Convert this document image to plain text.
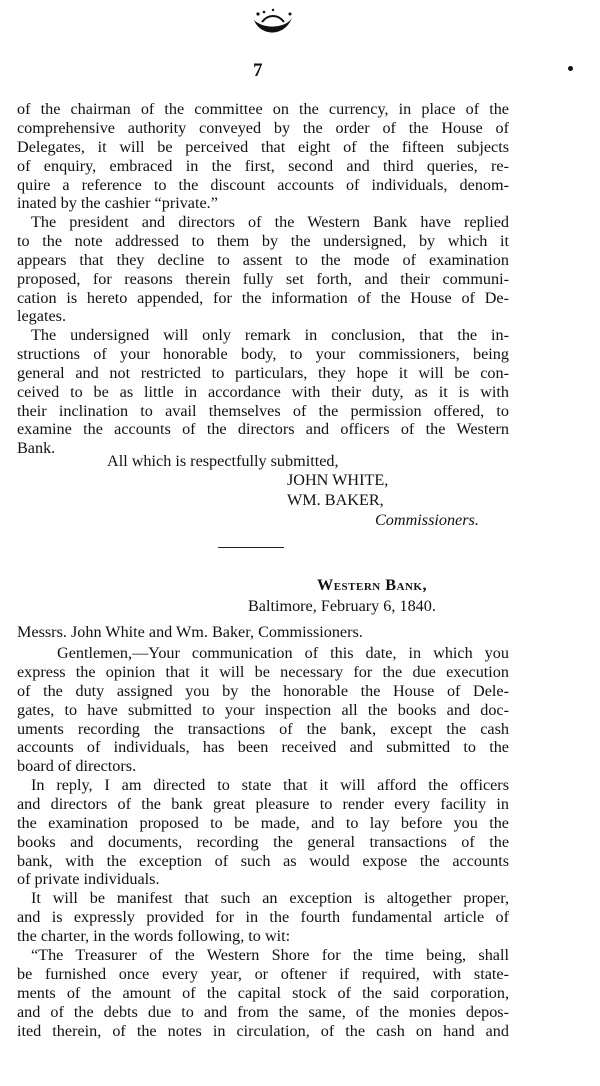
7
of the chairman of the committee on the currency, in place of the
comprehensive authority conveyed by the order of the House of
Delegates, it will be perceived that eight of the fifteen subjects
of enquiry, embraced in the first, second and third queries, re-
quire a reference to the discount accounts of individuals, denom-
inated by the cashier “private.”
The president and directors of the Western Bank have replied
to the note addressed to them by the undersigned, by which it
appears that they decline to assent to the mode of examination
proposed, for reasons therein fully set forth, and their communi-
cation is hereto appended, for the information of the House of De-
legates.
The undersigned will only remark in conclusion, that the in-
structions of your honorable body, to your commissioners, being
general and not restricted to particulars, they hope it will be con-
ceived to be as little in accordance with their duty, as it is with
their inclination to avail themselves of the permission offered, to
examine the accounts of the directors and officers of the Western
Bank.
All which is respectfully submitted,
JOHN WHITE,
WM. BAKER,
Commissioners.
Western Bank,
Baltimore, February 6, 1840.
Messrs. John White and Wm. Baker, Commissioners.
Gentlemen,—Your communication of this date, in which you
express the opinion that it will be necessary for the due execution
of the duty assigned you by the honorable the House of Dele-
gates, to have submitted to your inspection all the books and doc-
uments recording the transactions of the bank, except the cash
accounts of individuals, has been received and submitted to the
board of directors.
In reply, I am directed to state that it will afford the officers
and directors of the bank great pleasure to render every facility in
the examination proposed to be made, and to lay before you the
books and documents, recording the general transactions of the
bank, with the exception of such as would expose the accounts
of private individuals.
It will be manifest that such an exception is altogether proper,
and is expressly provided for in the fourth fundamental article of
the charter, in the words following, to wit:
“The Treasurer of the Western Shore for the time being, shall
be furnished once every year, or oftener if required, with state-
ments of the amount of the capital stock of the said corporation,
and of the debts due to and from the same, of the monies depos-
ited therein, of the notes in circulation, of the cash on hand and
